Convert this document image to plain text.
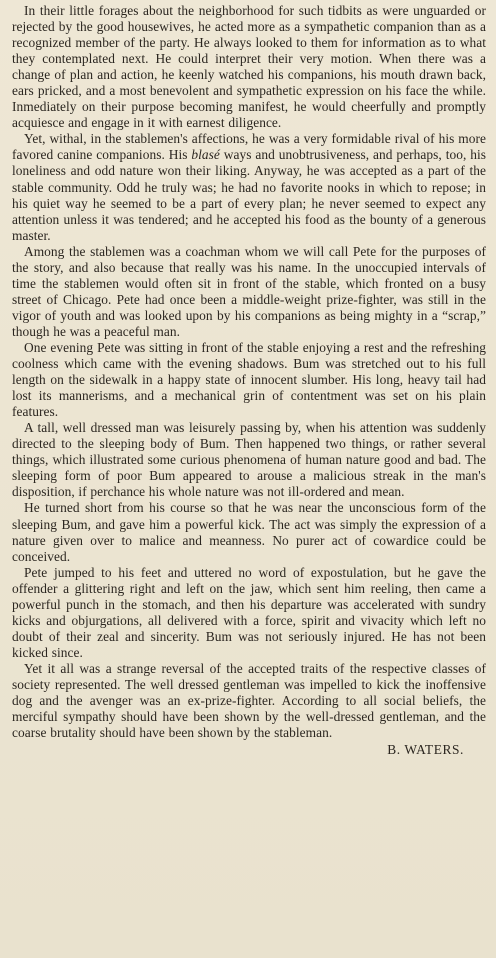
In their little forages about the neighborhood for such tidbits as were unguarded or rejected by the good housewives, he acted more as a sympathetic companion than as a recognized member of the party. He always looked to them for information as to what they contemplated next. He could interpret their very motion. When there was a change of plan and action, he keenly watched his companions, his mouth drawn back, ears pricked, and a most benevolent and sympathetic expression on his face the while. Inmediately on their purpose becoming manifest, he would cheerfully and promptly acquiesce and engage in it with earnest diligence.

Yet, withal, in the stablemen's affections, he was a very formidable rival of his more favored canine companions. His blasé ways and unobtrusiveness, and perhaps, too, his loneliness and odd nature won their liking. Anyway, he was accepted as a part of the stable community. Odd he truly was; he had no favorite nooks in which to repose; in his quiet way he seemed to be a part of every plan; he never seemed to expect any attention unless it was tendered; and he accepted his food as the bounty of a generous master.

Among the stablemen was a coachman whom we will call Pete for the purposes of the story, and also because that really was his name. In the unoccupied intervals of time the stablemen would often sit in front of the stable, which fronted on a busy street of Chicago. Pete had once been a middle-weight prize-fighter, was still in the vigor of youth and was looked upon by his companions as being mighty in a “scrap,” though he was a peaceful man.

One evening Pete was sitting in front of the stable enjoying a rest and the refreshing coolness which came with the evening shadows. Bum was stretched out to his full length on the sidewalk in a happy state of innocent slumber. His long, heavy tail had lost its mannerisms, and a mechanical grin of contentment was set on his plain features.

A tall, well dressed man was leisurely passing by, when his attention was suddenly directed to the sleeping body of Bum. Then happened two things, or rather several things, which illustrated some curious phenomena of human nature good and bad. The sleeping form of poor Bum appeared to arouse a malicious streak in the man's disposition, if perchance his whole nature was not ill-ordered and mean.

He turned short from his course so that he was near the unconscious form of the sleeping Bum, and gave him a powerful kick. The act was simply the expression of a nature given over to malice and meanness. No purer act of cowardice could be conceived.

Pete jumped to his feet and uttered no word of expostulation, but he gave the offender a glittering right and left on the jaw, which sent him reeling, then came a powerful punch in the stomach, and then his departure was accelerated with sundry kicks and objurgations, all delivered with a force, spirit and vivacity which left no doubt of their zeal and sincerity. Bum was not seriously injured. He has not been kicked since.

Yet it all was a strange reversal of the accepted traits of the respective classes of society represented. The well dressed gentleman was impelled to kick the inoffensive dog and the avenger was an ex-prize-fighter. According to all social beliefs, the merciful sympathy should have been shown by the well-dressed gentleman, and the coarse brutality should have been shown by the stableman.

B. WATERS.
